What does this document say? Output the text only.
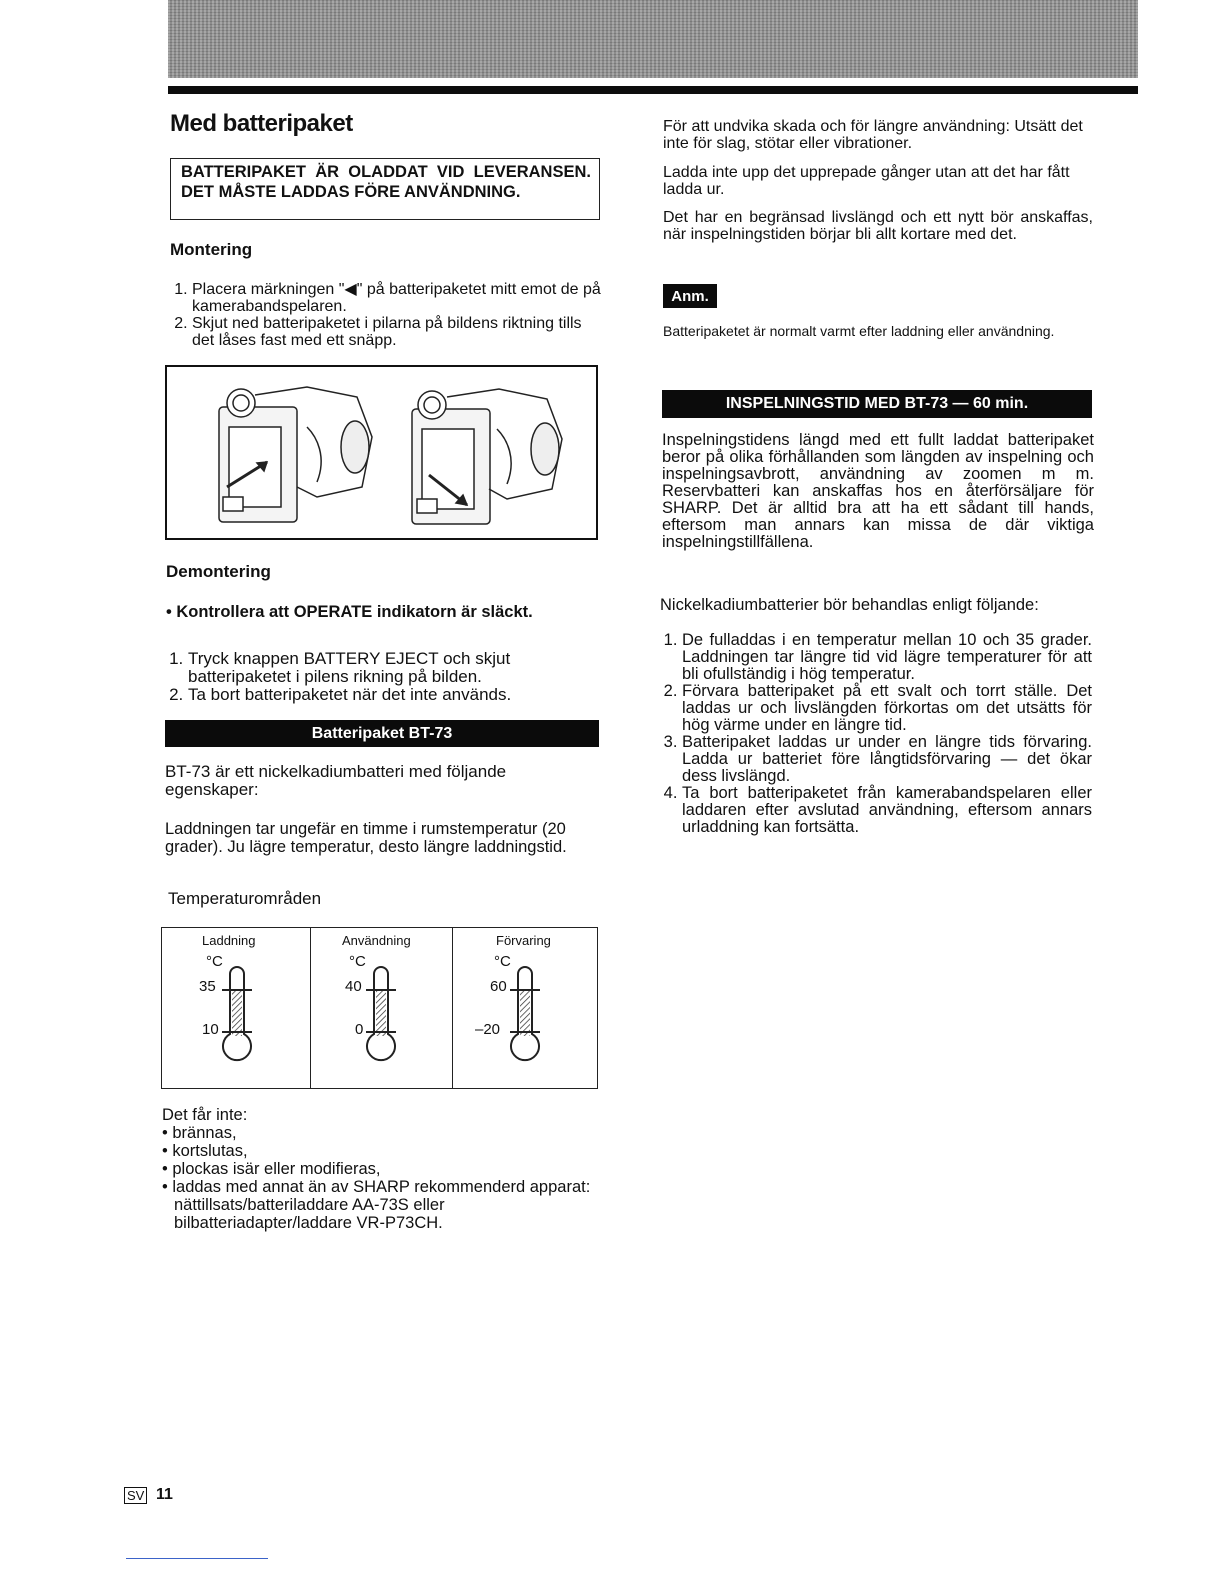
Med batteripaket
BATTERIPAKET ÄR OLADDAT VID LEVERANSEN. DET MÅSTE LADDAS FÖRE ANVÄNDNING.
Montering
1. Placera märkningen "◀" på batteripaketet mitt emot de på kamerabandspelaren.
2. Skjut ned batteripaketet i pilarna på bildens riktning tills det låses fast med ett snäpp.
Demontering
• Kontrollera att OPERATE indikatorn är släckt.
1. Tryck knappen BATTERY EJECT och skjut batteripaketet i pilens rikning på bilden.
2. Ta bort batteripaketet när det inte används.
Batteripaket BT-73
BT-73 är ett nickelkadiumbatteri med följande egenskaper:
Laddningen tar ungefär en timme i rumstemperatur (20 grader). Ju lägre temperatur, desto längre laddningstid.
Temperaturområden
Laddning
°C
35
10
Användning
°C
40
0
Förvaring
°C
60
–20
Det får inte:
• brännas,
• kortslutas,
• plockas isär eller modifieras,
• laddas med annat än av SHARP rekommenderd apparat: nättillsats/batteriladdare AA-73S eller bilbatteriadapter/laddare VR-P73CH.
För att undvika skada och för längre användning: Utsätt det inte för slag, stötar eller vibrationer.
Ladda inte upp det upprepade gånger utan att det har fått ladda ur.
Det har en begränsad livslängd och ett nytt bör anskaffas, när inspelningstiden börjar bli allt kortare med det.
Anm.
Batteripaketet är normalt varmt efter laddning eller användning.
INSPELNINGSTID MED BT-73 — 60 min.
Inspelningstidens längd med ett fullt laddat batteripaket beror på olika förhållanden som längden av inspelning och inspelningsavbrott, användning av zoomen m m. Reservbatteri kan anskaffas hos en återförsäljare för SHARP. Det är alltid bra att ha ett sådant till hands, eftersom man annars kan missa de där viktiga inspelningstillfällena.
Nickelkadiumbatterier bör behandlas enligt följande:
1. De fulladdas i en temperatur mellan 10 och 35 grader. Laddningen tar längre tid vid lägre temperaturer för att bli ofullständig i hög temperatur.
2. Förvara batteripaket på ett svalt och torrt ställe. Det laddas ur och livslängden förkortas om det utsätts för hög värme under en längre tid.
3. Batteripaket laddas ur under en längre tids förvaring. Ladda ur batteriet före långtidsförvaring — det ökar dess livslängd.
4. Ta bort batteripaketet från kamerabandspelaren eller laddaren efter avslutad användning, eftersom annars urladdning kan fortsätta.
SV 11
